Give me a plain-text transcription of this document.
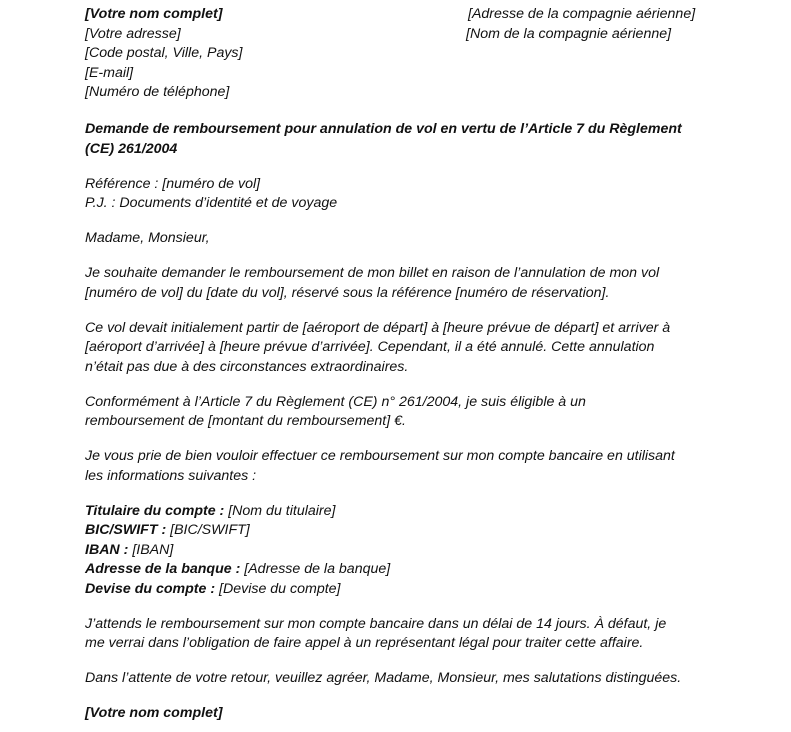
[Votre nom complet]
[Votre adresse]
[Code postal, Ville, Pays]
[E-mail]
[Numéro de téléphone]
[Adresse de la compagnie aérienne]
[Nom de la compagnie aérienne]
Demande de remboursement pour annulation de vol en vertu de l’Article 7 du Règlement
(CE) 261/2004
Référence : [numéro de vol]
P.J. : Documents d’identité et de voyage
Madame, Monsieur,
Je souhaite demander le remboursement de mon billet en raison de l’annulation de mon vol
[numéro de vol] du [date du vol], réservé sous la référence [numéro de réservation].
Ce vol devait initialement partir de [aéroport de départ] à [heure prévue de départ] et arriver à
[aéroport d’arrivée] à [heure prévue d’arrivée]. Cependant, il a été annulé. Cette annulation
n’était pas due à des circonstances extraordinaires.
Conformément à l’Article 7 du Règlement (CE) n° 261/2004, je suis éligible à un
remboursement de [montant du remboursement] €.
Je vous prie de bien vouloir effectuer ce remboursement sur mon compte bancaire en utilisant
les informations suivantes :
Titulaire du compte : [Nom du titulaire]
BIC/SWIFT : [BIC/SWIFT]
IBAN : [IBAN]
Adresse de la banque : [Adresse de la banque]
Devise du compte : [Devise du compte]
J’attends le remboursement sur mon compte bancaire dans un délai de 14 jours. À défaut, je
me verrai dans l’obligation de faire appel à un représentant légal pour traiter cette affaire.
Dans l’attente de votre retour, veuillez agréer, Madame, Monsieur, mes salutations distinguées.
[Votre nom complet]
